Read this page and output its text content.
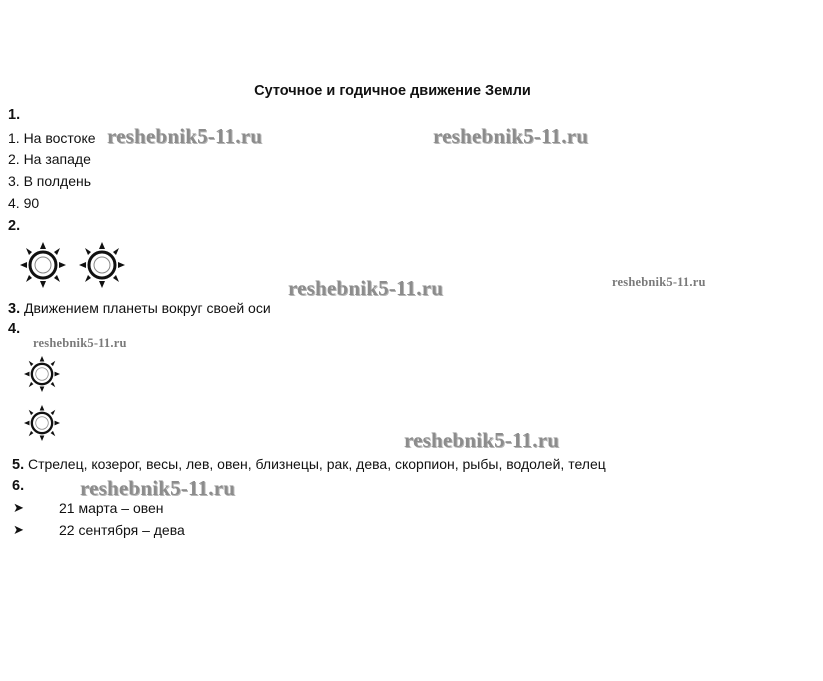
Суточное и годичное движение Земли
1.
1. На востоке
2. На западе
3. В полдень
4. 90
2.
3. Движением планеты вокруг своей оси
4.
5. Стрелец, козерог, весы, лев, овен, близнецы, рак, дева, скорпион, рыбы, водолей, телец
6.
➤	21 марта – овен
➤	22 сентября – дева
reshebnik5-11.ru	reshebnik5-11.ru
reshebnik5-11.ru	reshebnik5-11.ru
reshebnik5-11.ru
reshebnik5-11.ru
reshebnik5-11.ru
